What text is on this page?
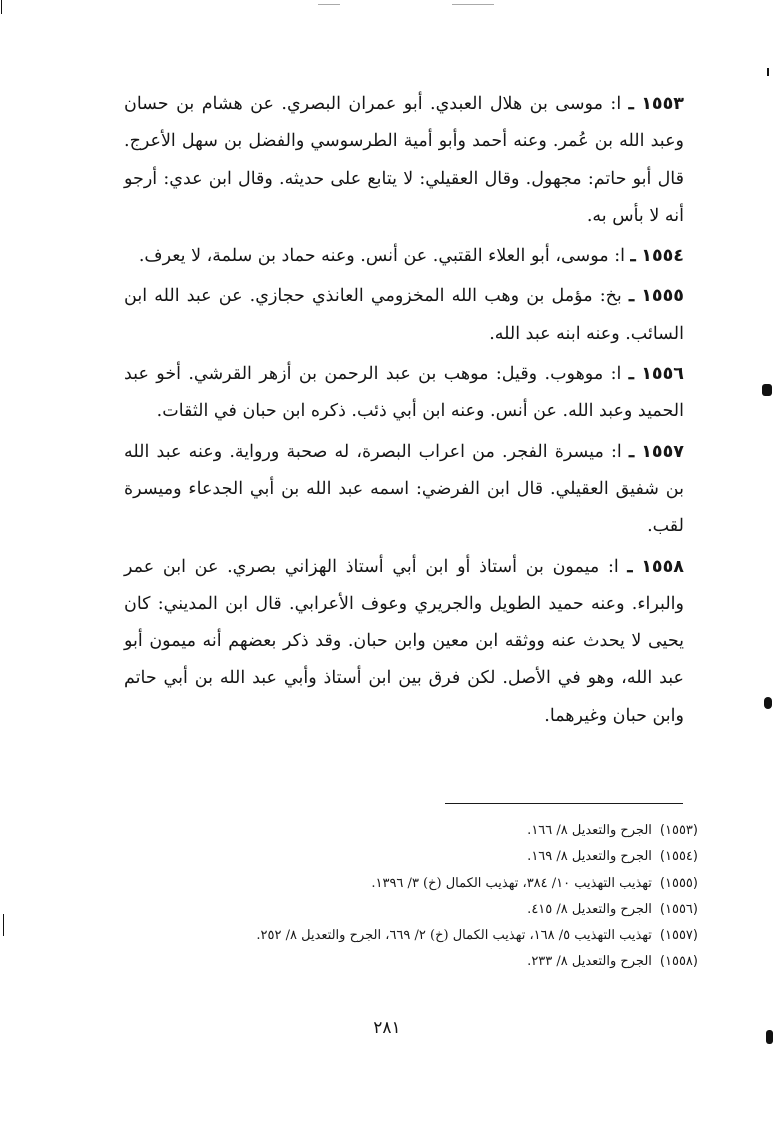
١٥٥٣ ـ ا: موسى بن هلال العبدي. أبو عمران البصري. عن هشام بن حسان وعبد الله بن عُمر. وعنه أحمد وأبو أمية الطرسوسي والفضل بن سهل الأعرج. قال أبو حاتم: مجهول. وقال العقيلي: لا يتابع على حديثه. وقال ابن عدي: أرجو أنه لا بأس به.

١٥٥٤ ـ ا: موسى، أبو العلاء القتبي. عن أنس. وعنه حماد بن سلمة، لا يعرف.

١٥٥٥ ـ بخ: مؤمل بن وهب الله المخزومي العانذي حجازي. عن عبد الله ابن السائب. وعنه ابنه عبد الله.

١٥٥٦ ـ ا: موهوب. وقيل: موهب بن عبد الرحمن بن أزهر القرشي. أخو عبد الحميد وعبد الله. عن أنس. وعنه ابن أبي ذئب. ذكره ابن حبان في الثقات.

١٥٥٧ ـ ا: ميسرة الفجر. من اعراب البصرة، له صحبة ورواية. وعنه عبد الله بن شفيق العقيلي. قال ابن الفرضي: اسمه عبد الله بن أبي الجدعاء وميسرة لقب.

١٥٥٨ ـ ا: ميمون بن أستاذ أو ابن أبي أستاذ الهزاني بصري. عن ابن عمر والبراء. وعنه حميد الطويل والجريري وعوف الأعرابي. قال ابن المديني: كان يحيى لا يحدث عنه ووثقه ابن معين وابن حبان. وقد ذكر بعضهم أنه ميمون أبو عبد الله، وهو في الأصل. لكن فرق بين ابن أستاذ وأبي عبد الله بن أبي حاتم وابن حبان وغيرهما.

(١٥٥٣)الجرح والتعديل ٨/ ١٦٦.

(١٥٥٤)الجرح والتعديل ٨/ ١٦٩.

(١٥٥٥)تهذيب التهذيب ١٠/ ٣٨٤، تهذيب الكمال (خ) ٣/ ١٣٩٦.

(١٥٥٦)الجرح والتعديل ٨/ ٤١٥.

(١٥٥٧)تهذيب التهذيب ٥/ ١٦٨، تهذيب الكمال (خ) ٢/ ٦٦٩، الجرح والتعديل ٨/ ٢٥٢.

(١٥٥٨)الجرح والتعديل ٨/ ٢٣٣.

٢٨١
